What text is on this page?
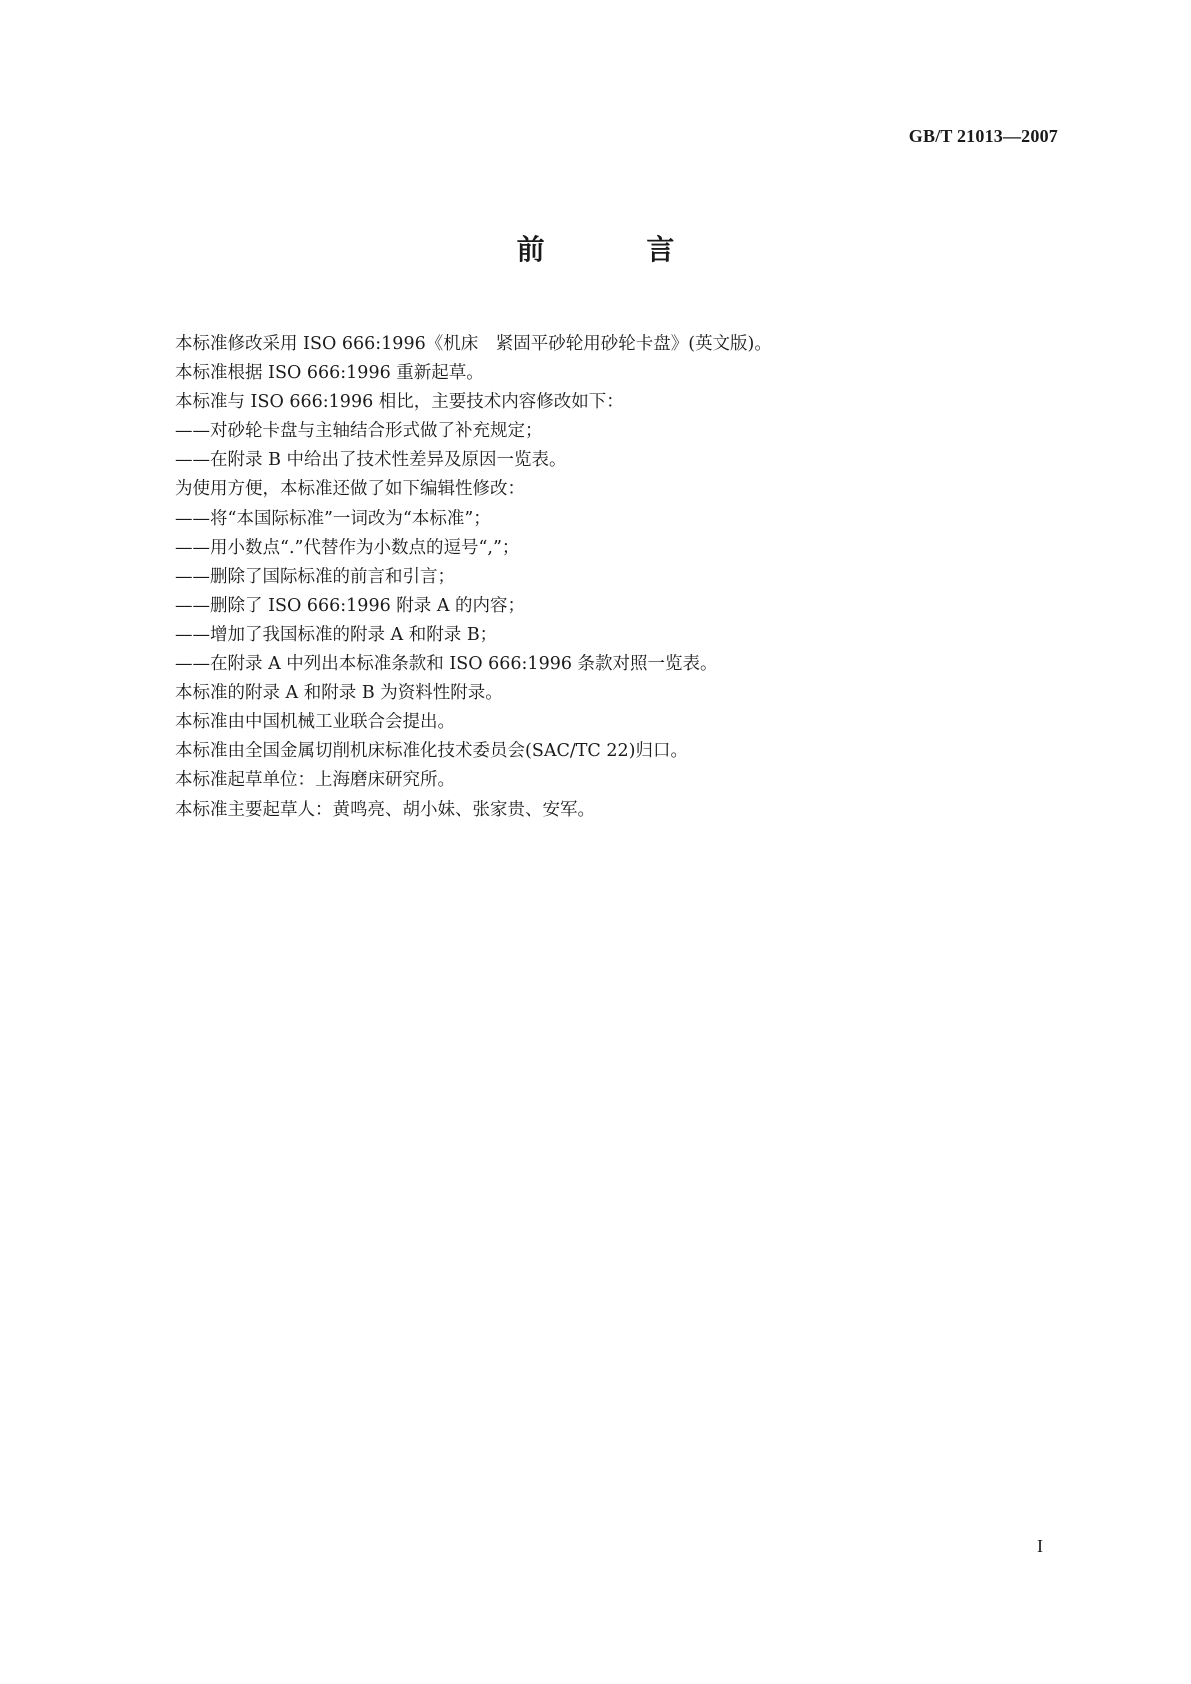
GB/T 21013—2007
前 言
本标准修改采用 ISO 666:1996《机床　紧固平砂轮用砂轮卡盘》(英文版)。
本标准根据 ISO 666:1996 重新起草。
本标准与 ISO 666:1996 相比，主要技术内容修改如下：
——对砂轮卡盘与主轴结合形式做了补充规定；
——在附录 B 中给出了技术性差异及原因一览表。
为使用方便，本标准还做了如下编辑性修改：
——将“本国际标准”一词改为“本标准”；
——用小数点“.”代替作为小数点的逗号“,”；
——删除了国际标准的前言和引言；
——删除了 ISO 666:1996 附录 A 的内容；
——增加了我国标准的附录 A 和附录 B；
——在附录 A 中列出本标准条款和 ISO 666:1996 条款对照一览表。
本标准的附录 A 和附录 B 为资料性附录。
本标准由中国机械工业联合会提出。
本标准由全国金属切削机床标准化技术委员会(SAC/TC 22)归口。
本标准起草单位：上海磨床研究所。
本标准主要起草人：黄鸣亮、胡小妹、张家贵、安军。
I
